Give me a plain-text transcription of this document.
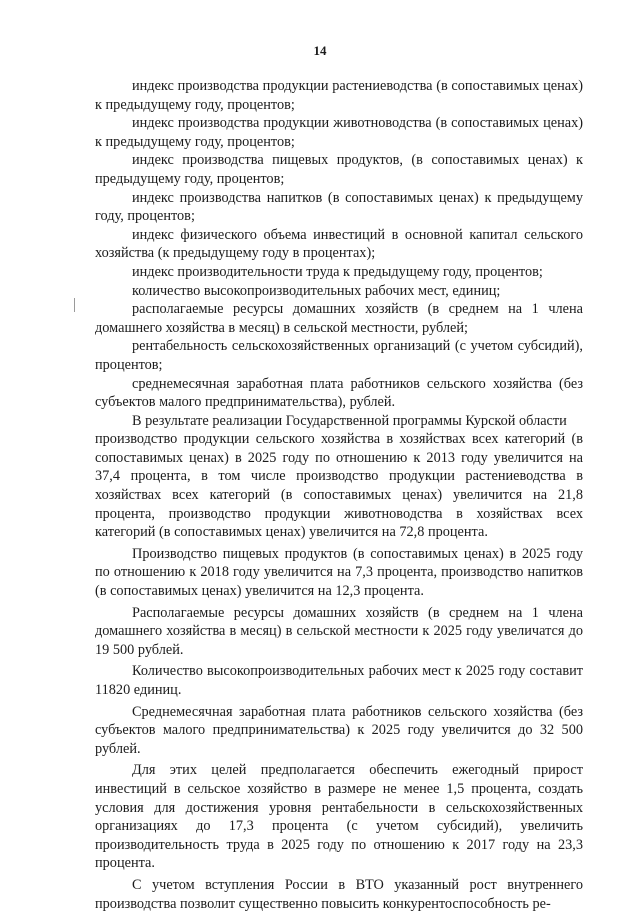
14

индекс производства продукции растениеводства (в сопоставимых ценах) к предыдущему году, процентов;

индекс производства продукции животноводства (в сопоставимых ценах) к предыдущему году, процентов;

индекс производства пищевых продуктов, (в сопоставимых ценах) к предыдущему году, процентов;

индекс производства напитков (в сопоставимых ценах) к предыдущему году, процентов;

индекс физического объема инвестиций в основной капитал сельского хозяйства (к предыдущему году в процентах);

индекс производительности труда к предыдущему году, процентов;

количество высокопроизводительных рабочих мест, единиц;

располагаемые ресурсы домашних хозяйств (в среднем на 1 члена домашнего хозяйства в месяц) в сельской местности, рублей;

рентабельность сельскохозяйственных организаций (с учетом субсидий), процентов;

среднемесячная заработная плата работников сельского хозяйства (без субъектов малого предпринимательства), рублей.

В результате реализации Государственной программы Курской области

производство продукции сельского хозяйства в хозяйствах всех категорий (в сопоставимых ценах) в 2025 году по отношению к 2013 году увеличится на 37,4 процента, в том числе производство продукции растениеводства в хозяйствах всех категорий (в сопоставимых ценах) увеличится на 21,8 процента, производство продукции животноводства в хозяйствах всех категорий (в сопоставимых ценах) увеличится на 72,8 процента.

Производство пищевых продуктов (в сопоставимых ценах) в 2025 году по отношению к 2018 году увеличится на 7,3 процента, производство напитков (в сопоставимых ценах) увеличится на 12,3 процента.

Располагаемые ресурсы домашних хозяйств (в среднем на 1 члена домашнего хозяйства в месяц) в сельской местности к 2025 году увеличатся до 19 500 рублей.

Количество высокопроизводительных рабочих мест к 2025 году составит 11820 единиц.

Среднемесячная заработная плата работников сельского хозяйства (без субъектов малого предпринимательства) к 2025 году увеличится до 32 500 рублей.

Для этих целей предполагается обеспечить ежегодный прирост инвестиций в сельское хозяйство в размере не менее 1,5 процента, создать условия для достижения уровня рентабельности в сельскохозяйственных организациях до 17,3 процента (с учетом субсидий), увеличить производительность труда в 2025 году по отношению к 2017 году на 23,3 процента.

С учетом вступления России в ВТО указанный рост внутреннего производства позволит существенно повысить конкурентоспособность ре-
